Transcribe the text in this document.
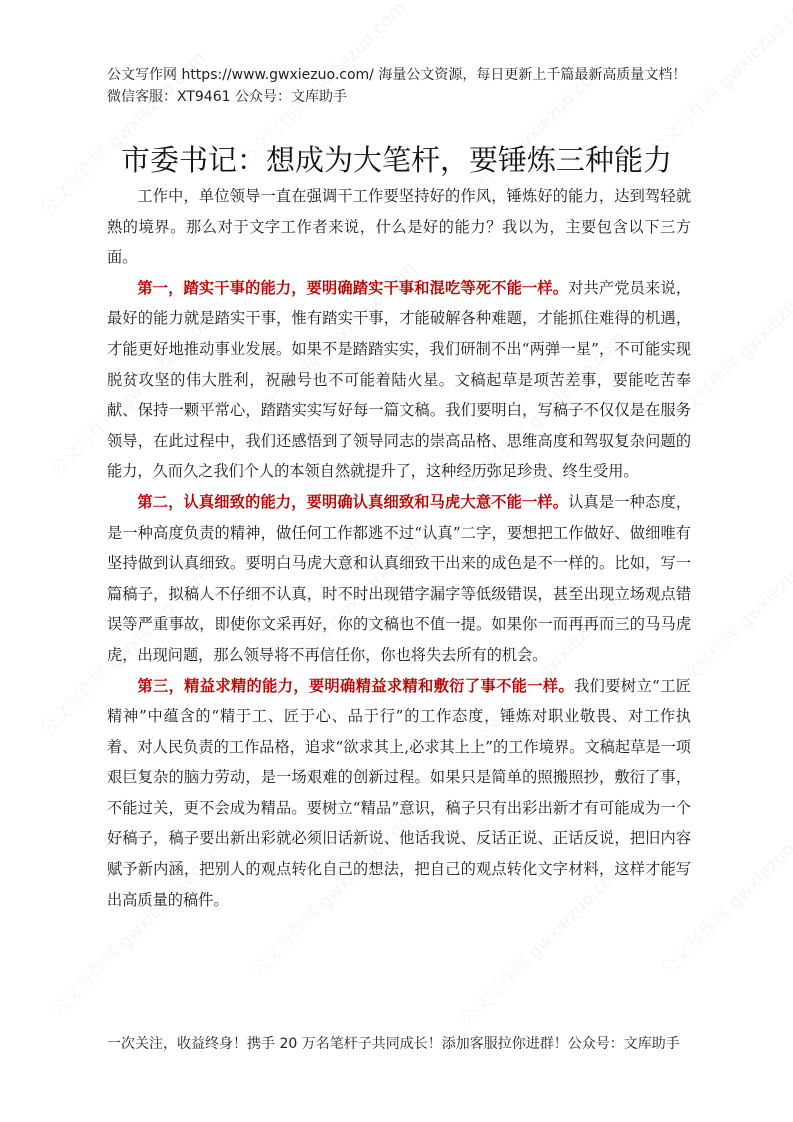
公文写作网 https://www.gwxiezuo.com/ 海量公文资源，每日更新上千篇最新高质量文档！微信客服：XT9461 公众号：文库助手
市委书记：想成为大笔杆，要锤炼三种能力

工作中，单位领导一直在强调干工作要坚持好的作风，锤炼好的能力，达到驾轻就熟的境界。那么对于文字工作者来说，什么是好的能力？我以为，主要包含以下三方面。

第一，踏实干事的能力，要明确踏实干事和混吃等死不能一样。对共产党员来说，最好的能力就是踏实干事，惟有踏实干事，才能破解各种难题，才能抓住难得的机遇，才能更好地推动事业发展。如果不是踏踏实实，我们研制不出“两弹一星”，不可能实现脱贫攻坚的伟大胜利，祝融号也不可能着陆火星。文稿起草是项苦差事，要能吃苦奉献、保持一颗平常心，踏踏实实写好每一篇文稿。我们要明白，写稿子不仅仅是在服务领导，在此过程中，我们还感悟到了领导同志的崇高品格、思维高度和驾驭复杂问题的能力，久而久之我们个人的本领自然就提升了，这种经历弥足珍贵、终生受用。

第二，认真细致的能力，要明确认真细致和马虎大意不能一样。认真是一种态度，是一种高度负责的精神，做任何工作都逃不过“认真”二字，要想把工作做好、做细唯有坚持做到认真细致。要明白马虎大意和认真细致干出来的成色是不一样的。比如，写一篇稿子，拟稿人不仔细不认真，时不时出现错字漏字等低级错误，甚至出现立场观点错误等严重事故，即使你文采再好，你的文稿也不值一提。如果你一而再再而三的马马虎虎，出现问题，那么领导将不再信任你，你也将失去所有的机会。

第三，精益求精的能力，要明确精益求精和敷衍了事不能一样。我们要树立“工匠精神”中蕴含的“精于工、匠于心、品于行”的工作态度，锤炼对职业敬畏、对工作执着、对人民负责的工作品格，追求“欲求其上,必求其上上”的工作境界。文稿起草是一项艰巨复杂的脑力劳动，是一场艰难的创新过程。如果只是简单的照搬照抄，敷衍了事，不能过关，更不会成为精品。要树立“精品”意识，稿子只有出彩出新才有可能成为一个好稿子，稿子要出新出彩就必须旧话新说、他话我说、反话正说、正话反说，把旧内容赋予新内涵，把别人的观点转化自己的想法，把自己的观点转化文字材料，这样才能写出高质量的稿件。

一次关注，收益终身！携手 20 万名笔杆子共同成长！添加客服拉你进群！公众号：文库助手
